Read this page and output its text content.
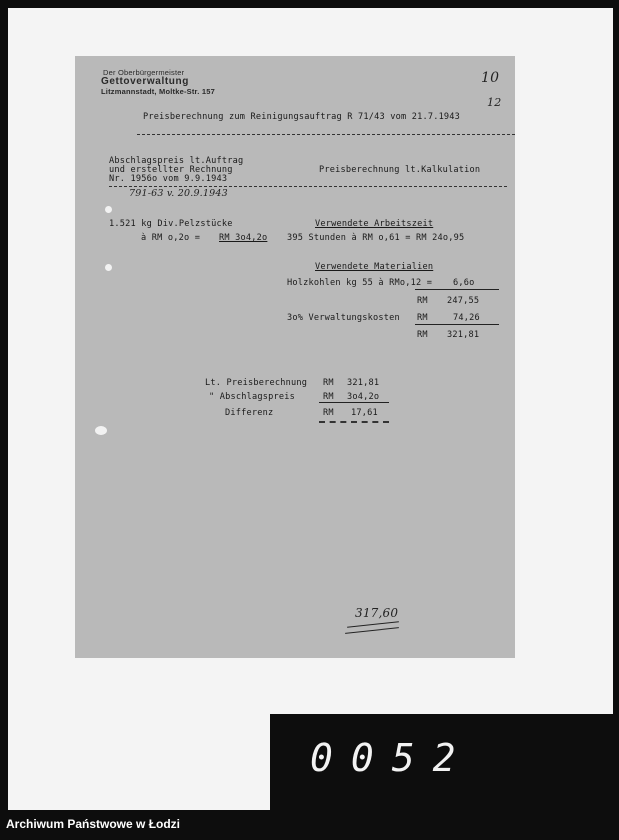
Der Oberbürgermeister
Gettoverwaltung
Litzmannstadt, Moltke-Str. 157
10
12
Preisberechnung zum Reinigungsauftrag R 71/43 vom 21.7.1943
Abschlagspreis lt.Auftrag
und erstellter Rechnung
Nr. 1956o vom 9.9.1943
Preisberechnung lt.Kalkulation
791-63 v. 20.9.1943
1.521 kg Div.Pelzstücke
à RM o,2o = RM 3o4,2o
Verwendete Arbeitszeit
395 Stunden à RM o,61 = RM 24o,95
Verwendete Materialien
Holzkohlen kg 55 à RMo,12 = 6,6o
RM 247,55
3o% Verwaltungskosten RM	74,26
RM 321,81
Lt. Preisberechnung RM 321,81
" Abschlagspreis	RM 3o4,2o
Differenz	RM 17,61
317,60
0052
Archiwum Państwowe w Łodzi
